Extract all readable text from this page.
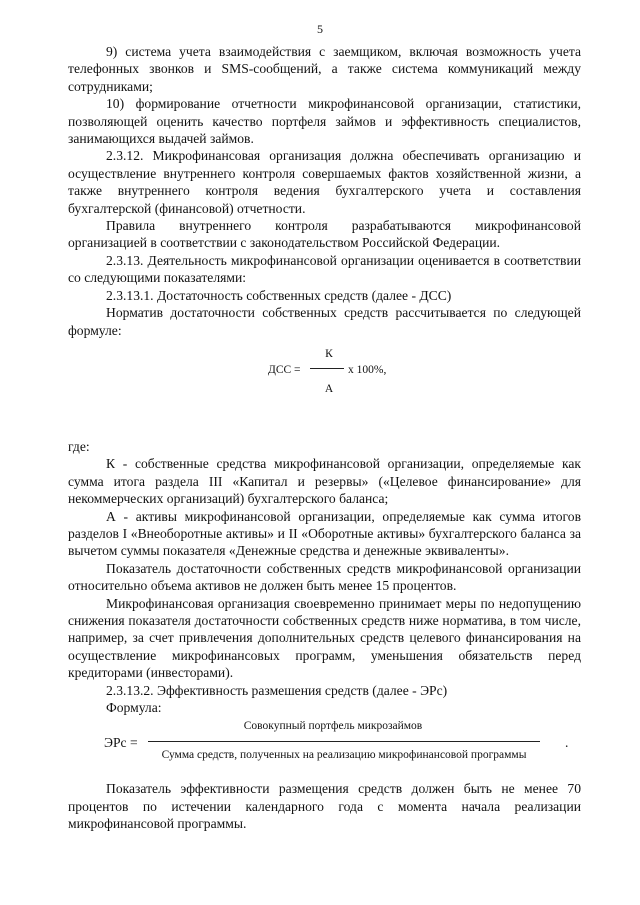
5

9) система учета взаимодействия с заемщиком, включая возможность учета телефонных звонков и SMS-сообщений, а также система коммуникаций между сотрудниками;

10) формирование отчетности микрофинансовой организации, статистики, позволяющей оценить качество портфеля займов и эффективность специалистов, занимающихся выдачей займов.

2.3.12. Микрофинансовая организация должна обеспечивать организацию и осуществление внутреннего контроля совершаемых фактов хозяйственной жизни, а также внутреннего контроля ведения бухгалтерского учета и составления бухгалтерской (финансовой) отчетности.

Правила внутреннего контроля разрабатываются микрофинансовой организацией в соответствии с законодательством Российской Федерации.

2.3.13. Деятельность микрофинансовой организации оценивается в соответствии со следующими показателями:

2.3.13.1. Достаточность собственных средств (далее - ДСС)

Норматив достаточности собственных средств рассчитывается по следующей формуле:

К
ДСС =	x 100%,
А

где:

К - собственные средства микрофинансовой организации, определяемые как сумма итога раздела III «Капитал и резервы» («Целевое финансирование» для некоммерческих организаций) бухгалтерского баланса;

А - активы микрофинансовой организации, определяемые как сумма итогов разделов I «Внеоборотные активы» и II «Оборотные активы» бухгалтерского баланса за вычетом суммы показателя «Денежные средства и денежные эквиваленты».

Показатель достаточности собственных средств микрофинансовой организации относительно объема активов не должен быть менее 15 процентов.

Микрофинансовая организация своевременно принимает меры по недопущению снижения показателя достаточности собственных средств ниже норматива, в том числе, например, за счет привлечения дополнительных средств целевого финансирования на осуществление микрофинансовых программ, уменьшения обязательств перед кредиторами (инвесторами).

2.3.13.2. Эффективность размешения средств (далее - ЭРс)

Формула:

Совокупный портфель микрозаймов
ЭРс =	.
Сумма средств, полученных на реализацию микрофинансовой программы

Показатель эффективности размещения средств должен быть не менее 70 процентов по истечении календарного года с момента начала реализации микрофинансовой программы.
